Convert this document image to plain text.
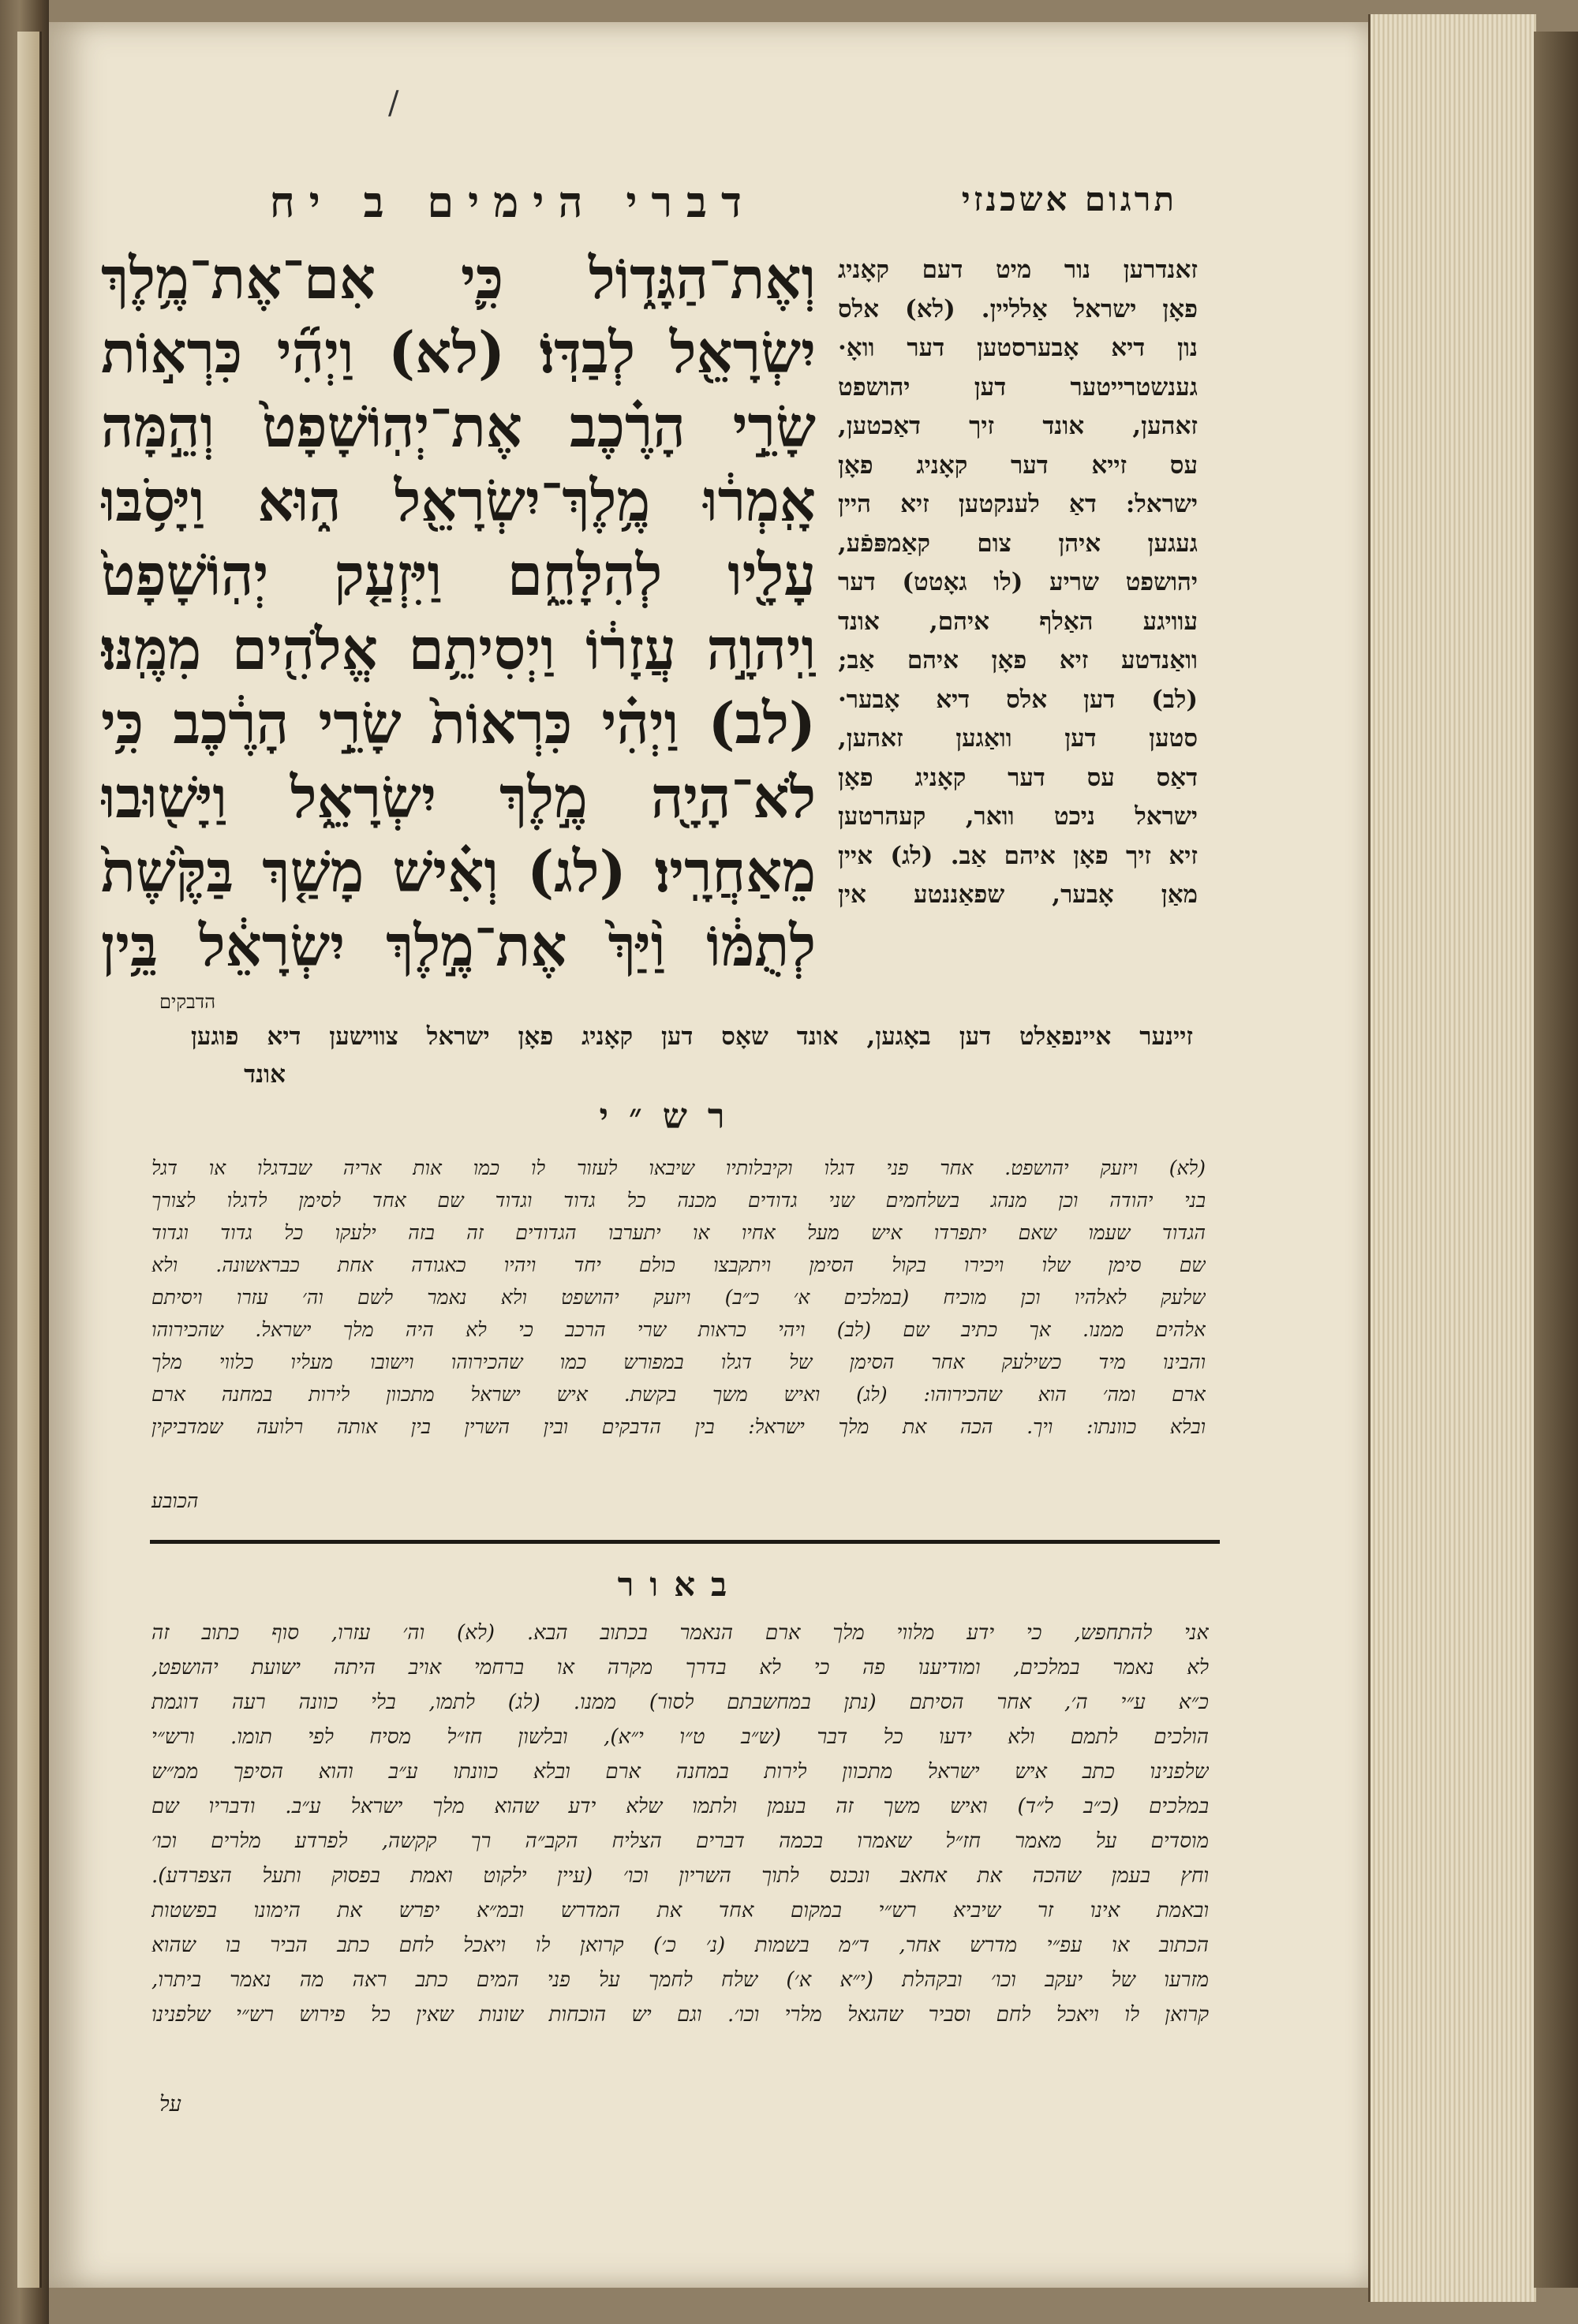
/
דברי הימים ב יח	תרגום אשכנזי
וְאֶת־הַגָּד֑וֹל כִּ֛י אִם־אֶת־מֶ֥לֶךְ
יִשְׂרָאֵ֖ל לְבַדּֽוֹ׃ (לא) וַיְהִ֞י כִּרְא֣וֹת
שָׂרֵ֣י הָרֶ֗כֶב אֶת־יְהֽוֹשָׁפָט֙ וְהֵ֣מָּה
אָֽמְר֔וּ מֶ֥לֶךְ־יִשְׂרָאֵ֖ל ה֑וּא וַיָּסֹ֥בּוּ
עָלָ֖יו לְהִלָּחֵ֑ם וַיִּזְעַ֤ק יְהֽוֹשָׁפָט֙
וַֽיהוָ֣ה עֲזָר֔וֹ וַיְסִיתֵ֥ם אֱלֹהִ֖ים מִמֶּֽנּוּ׃
(לב) וַיְהִ֗י כִּרְאוֹת֙ שָׂרֵ֣י הָרֶ֔כֶב כִּ֥י
לֹא־הָיָ֖ה מֶ֣לֶךְ יִשְׂרָאֵ֑ל וַיָּשׁ֖וּבוּ
מֵאַחֲרָֽיו׃ (לג) וְאִ֗ישׁ מָשַׁ֤ךְ בַּקֶּ֙שֶׁת֙
לְתֻמּ֔וֹ וַ֨יַּךְ֙ אֶת־מֶ֣לֶךְ יִשְׂרָאֵ֔ל בֵּ֥ין
הדבקים
זאנדרען נור מיט דעם קאָניג
פאָן ישראל אַלליין. (לא) אלס
נון דיא אָבערסטען דער וואָ·
גענשטרייטער דען יהושפט
זאהען, אונד זיך דאַכטען,
עס זייא דער קאָניג פאָן
ישראל: דאַ לענקטען זיא היין
געגען איהן צום קאַמפּפֿע,
יהושפט שריע (לו גאָטט) דער
עוויגע האַלף איהם, אונד
וואַנדטע זיא פאָן איהם אַב;
(לב) דען אלס דיא אָבער·
סטען דען וואַגען זאהען,
דאַס עס דער קאָניג פאָן
ישראל ניכט וואר, קעהרטען
זיא זיך פאָן איהם אַב. (לג) איין
מאַן אָבער, שפאַננטע אין
זיינער איינפאַלט דען באָגען, אונד שאָס דען קאָניג פאָן ישראל צווישען דיא פוגען
אונד
רש״י
(לא) ויזעק יהושפט. אחר פני דגלו וקיבלותיו שיבאו לעזור לו כמו אות אריה שבדגלו או דגל
בני יהודה וכן מנהג בשלחמים שני גדודים מכנה כל גדוד וגדוד שם אחד לסימן לדגלו לצורך
הגדוד שעמו שאם יתפרדו איש מעל אחיו או יתערבו הגדודים זה בזה ילעקו כל גדוד וגדוד
שם סימן שלו ויכירו בקול הסימן ויתקבצו כולם יחד ויהיו כאגודה אחת כבראשונה. ולא
שלעק לאלהיו וכן מוכיח (במלכים א׳ כ״ב) ויזעק יהושפט ולא נאמר לשם וה׳ עזרו ויסיתם
אלהים ממנו. אך כתיב שם (לב) ויהי כראות שרי הרכב כי לא היה מלך ישראל. שהכירוהו
והבינו מיד כשילעק אחר הסימן של דגלו במפורש כמו שהכירוהו וישובו מעליו כלווי מלך
ארם ומה׳ הוא שהכירוהו: (לג) ואיש משך בקשת. איש ישראל מתכוון לירות במחנה ארם
ובלא כוונתו: ויך. הכה את מלך ישראל: בין הדבקים ובין השרין בין אותה רלועה שמדביקין
הכובע
באור
אני להתחפש, כי ידע מלווי מלך ארם הנאמר בכתוב הבא. (לא) וה׳ עזרו, סוף כתוב זה
לא נאמר במלכים, ומודיענו פה כי לא בדרך מקרה או ברחמי אויב היתה ישועת יהושפט,
כ״א ע״י ה׳, אחר הסיתם (נתן במחשבתם לסור) ממנו. (לג) לתמו, בלי כוונה רעה דוגמת
הולכים לתמם ולא ידעו כל דבר (ש״ב ט״ו י״א), ובלשון חז״ל מסיח לפי תומו. ורש״י
שלפנינו כתב איש ישראל מתכוון לירות במחנה ארם ובלא כוונתו ע״ב והוא הסיפך ממ״ש
במלכים (כ״ב ל״ד) ואיש משך זה בעמן ולתמו שלא ידע שהוא מלך ישראל ע״ב. ודבריו שם
מוסדים על מאמר חז״ל שאמרו בכמה דברים הצליח הקב״ה רך קקשה, לפרדע מלרים וכו׳
וחץ בעמן שהכה את אחאב ונכנס לתוך השריון וכו׳ (עיין ילקוט ואמת בפסוק ותעל הצפרדע).
ובאמת אינו זר שיביא רש״י במקום אחד את המדרש ובמ״א יפרש את הימונו בפשטות
הכתוב או עפ״י מדרש אחר, ד״מ בשמות (נ׳ כ׳) קרואן לו ויאכל לחם כתב הביר בו שהוא
מזרעו של יעקב וכו׳ ובקהלת (י״א א׳) שלח לחמך על פני המים כתב ראה מה נאמר ביתרו,
קרואן לו ויאכל לחם וסביר שהגאל מלרי וכו׳. וגם יש הוכחות שונות שאין כל פירוש רש״י שלפנינו
על
